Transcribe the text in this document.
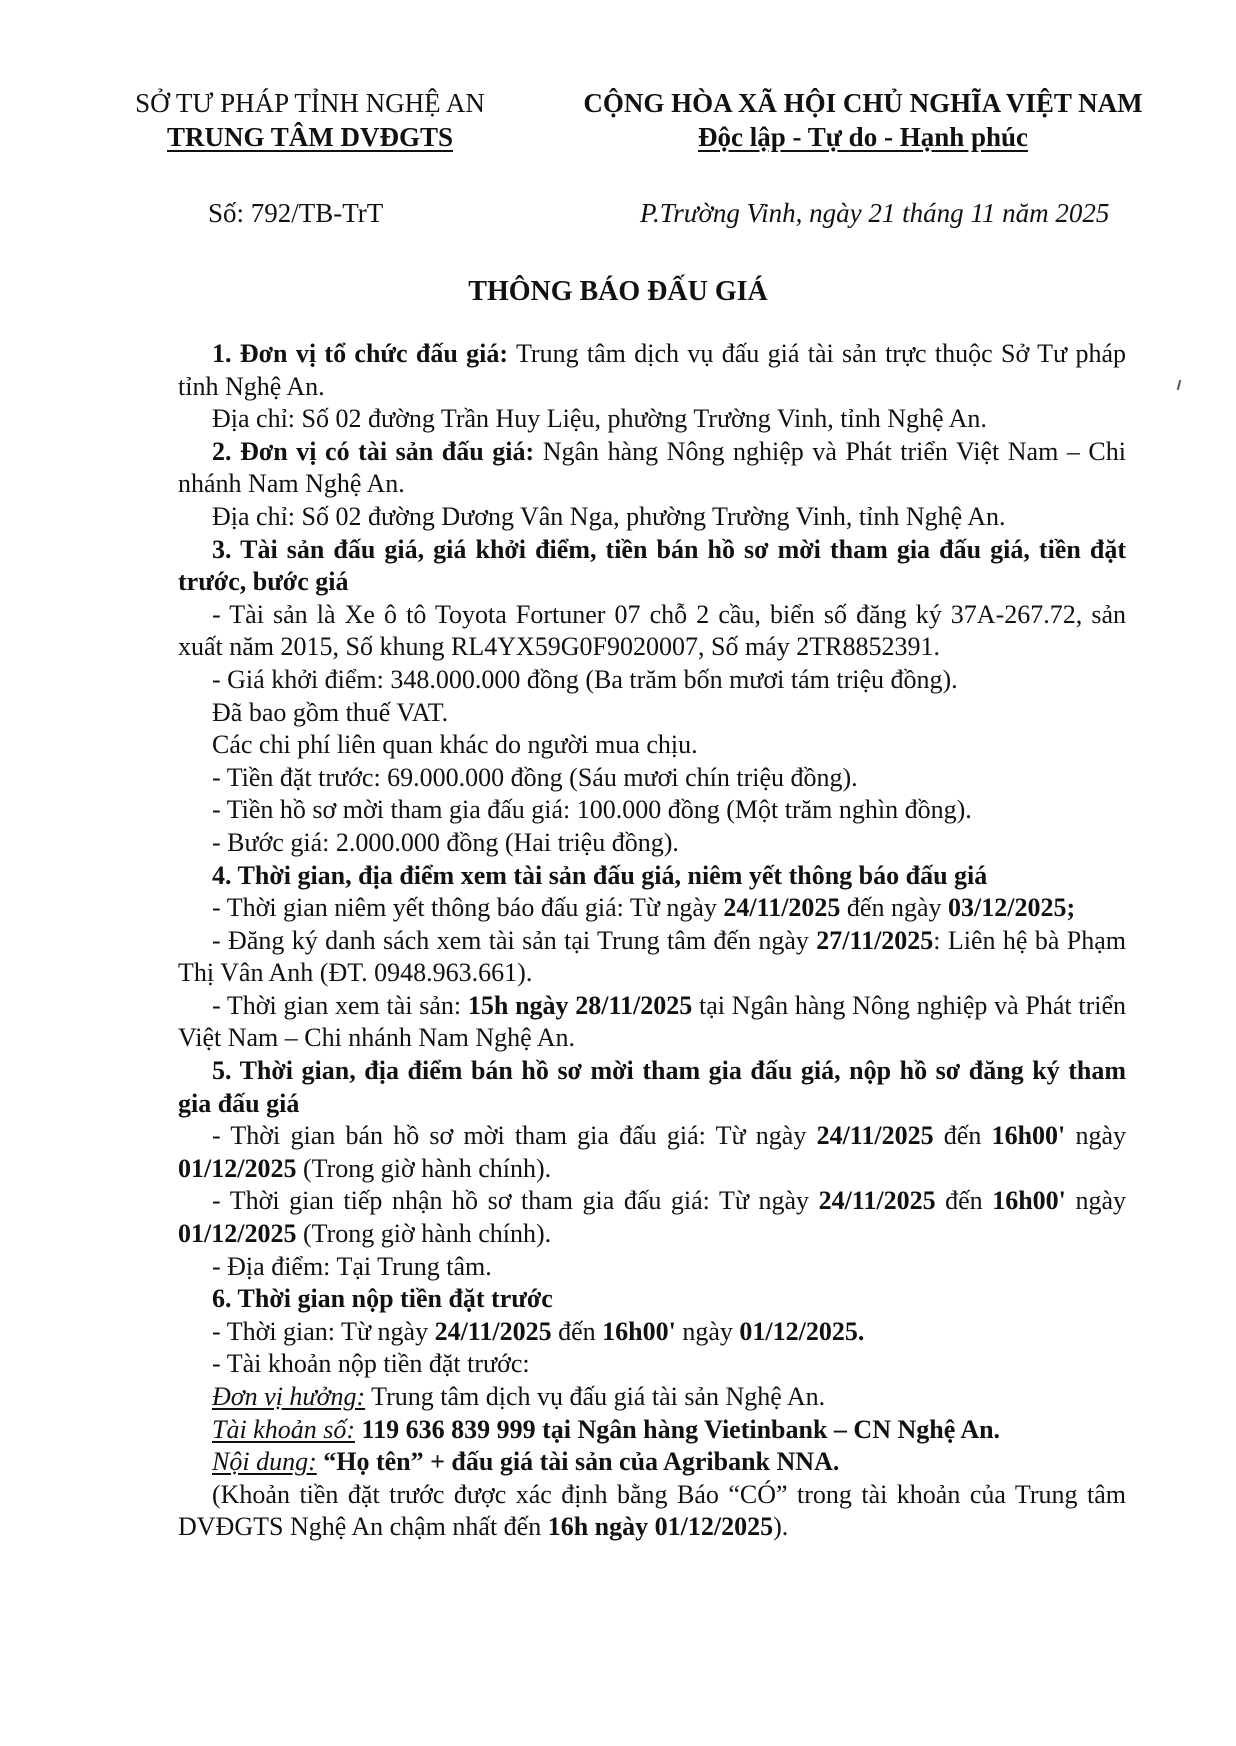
SỞ TƯ PHÁP TỈNH NGHỆ AN
TRUNG TÂM DVĐGTS
CỘNG HÒA XÃ HỘI CHỦ NGHĨA VIỆT NAM
Độc lập - Tự do - Hạnh phúc
Số: 792/TB-TrT	P.Trường Vinh, ngày 21 tháng 11 năm 2025
THÔNG BÁO ĐẤU GIÁ

1. Đơn vị tổ chức đấu giá: Trung tâm dịch vụ đấu giá tài sản trực thuộc Sở Tư pháp tỉnh Nghệ An.

Địa chỉ: Số 02 đường Trần Huy Liệu, phường Trường Vinh, tỉnh Nghệ An.

2. Đơn vị có tài sản đấu giá: Ngân hàng Nông nghiệp và Phát triển Việt Nam – Chi nhánh Nam Nghệ An.

Địa chỉ: Số 02 đường Dương Vân Nga, phường Trường Vinh, tỉnh Nghệ An.

3. Tài sản đấu giá, giá khởi điểm, tiền bán hồ sơ mời tham gia đấu giá, tiền đặt trước, bước giá

- Tài sản là Xe ô tô Toyota Fortuner 07 chỗ 2 cầu, biển số đăng ký 37A-267.72, sản xuất năm 2015, Số khung RL4YX59G0F9020007, Số máy 2TR8852391.

- Giá khởi điểm: 348.000.000 đồng (Ba trăm bốn mươi tám triệu đồng).

Đã bao gồm thuế VAT.

Các chi phí liên quan khác do người mua chịu.

- Tiền đặt trước: 69.000.000 đồng (Sáu mươi chín triệu đồng).

- Tiền hồ sơ mời tham gia đấu giá: 100.000 đồng (Một trăm nghìn đồng).

- Bước giá: 2.000.000 đồng (Hai triệu đồng).

4. Thời gian, địa điểm xem tài sản đấu giá, niêm yết thông báo đấu giá

- Thời gian niêm yết thông báo đấu giá: Từ ngày 24/11/2025 đến ngày 03/12/2025;

- Đăng ký danh sách xem tài sản tại Trung tâm đến ngày 27/11/2025: Liên hệ bà Phạm Thị Vân Anh (ĐT. 0948.963.661).

- Thời gian xem tài sản: 15h ngày 28/11/2025 tại Ngân hàng Nông nghiệp và Phát triển Việt Nam – Chi nhánh Nam Nghệ An.

5. Thời gian, địa điểm bán hồ sơ mời tham gia đấu giá, nộp hồ sơ đăng ký tham gia đấu giá

- Thời gian bán hồ sơ mời tham gia đấu giá: Từ ngày 24/11/2025 đến 16h00' ngày 01/12/2025 (Trong giờ hành chính).

- Thời gian tiếp nhận hồ sơ tham gia đấu giá: Từ ngày 24/11/2025 đến 16h00' ngày 01/12/2025 (Trong giờ hành chính).

- Địa điểm: Tại Trung tâm.

6. Thời gian nộp tiền đặt trước

- Thời gian: Từ ngày 24/11/2025 đến 16h00' ngày 01/12/2025.

- Tài khoản nộp tiền đặt trước:

Đơn vị hưởng: Trung tâm dịch vụ đấu giá tài sản Nghệ An.

Tài khoản số: 119 636 839 999 tại Ngân hàng Vietinbank – CN Nghệ An.

Nội dung: “Họ tên” + đấu giá tài sản của Agribank NNA.

(Khoản tiền đặt trước được xác định bằng Báo “CÓ” trong tài khoản của Trung tâm DVĐGTS Nghệ An chậm nhất đến 16h ngày 01/12/2025).
